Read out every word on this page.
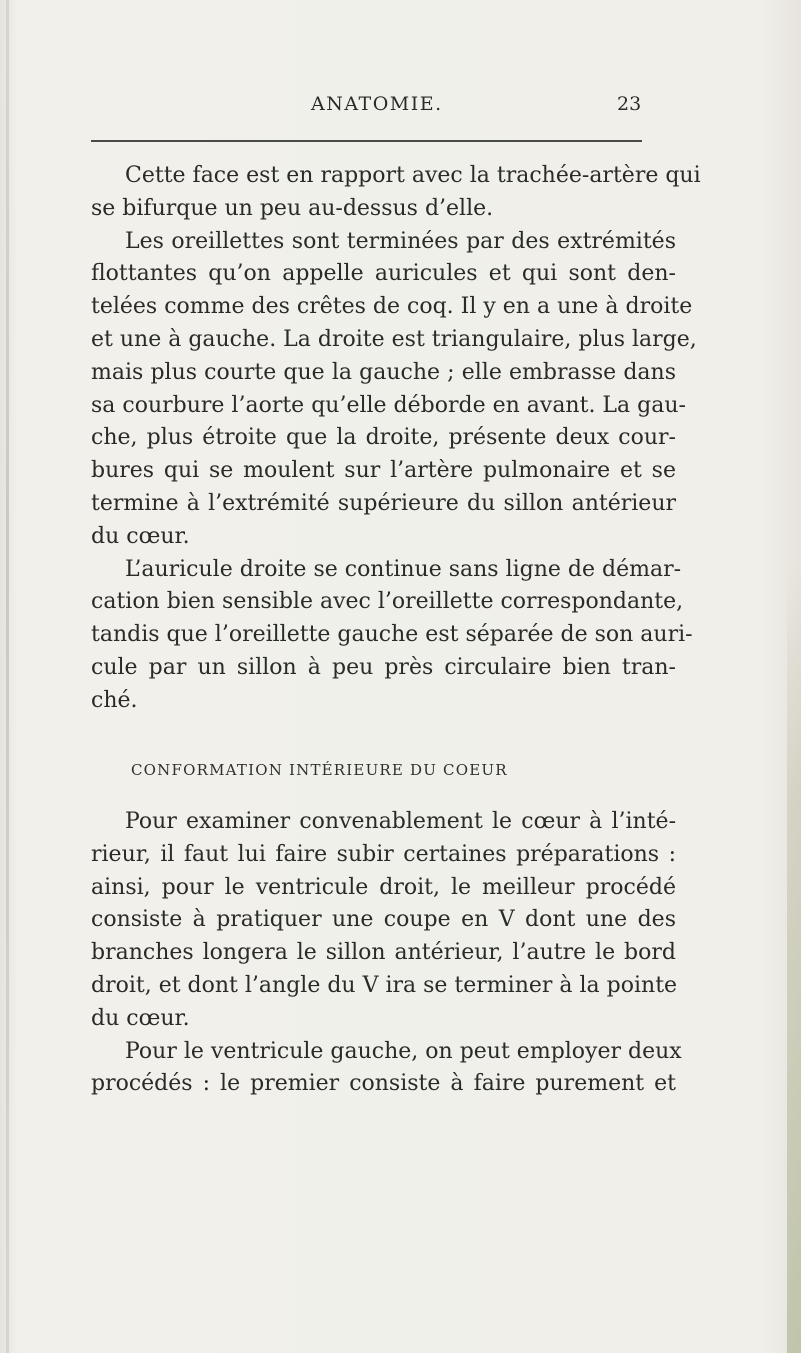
ANATOMIE.	23
Cette face est en rapport avec la trachée-artère qui
se bifurque un peu au-dessus d’elle.
Les oreillettes sont terminées par des extrémités
flottantes qu’on appelle auricules et qui sont den-
telées comme des crêtes de coq. Il y en a une à droite
et une à gauche. La droite est triangulaire, plus large,
mais plus courte que la gauche ; elle embrasse dans
sa courbure l’aorte qu’elle déborde en avant. La gau-
che, plus étroite que la droite, présente deux cour-
bures qui se moulent sur l’artère pulmonaire et se
termine à l’extrémité supérieure du sillon antérieur
du cœur.
L’auricule droite se continue sans ligne de démar-
cation bien sensible avec l’oreillette correspondante,
tandis que l’oreillette gauche est séparée de son auri-
cule par un sillon à peu près circulaire bien tran-
ché.
CONFORMATION INTÉRIEURE DU COEUR
Pour examiner convenablement le cœur à l’inté-
rieur, il faut lui faire subir certaines préparations :
ainsi, pour le ventricule droit, le meilleur procédé
consiste à pratiquer une coupe en V dont une des
branches longera le sillon antérieur, l’autre le bord
droit, et dont l’angle du V ira se terminer à la pointe
du cœur.
Pour le ventricule gauche, on peut employer deux
procédés : le premier consiste à faire purement et
